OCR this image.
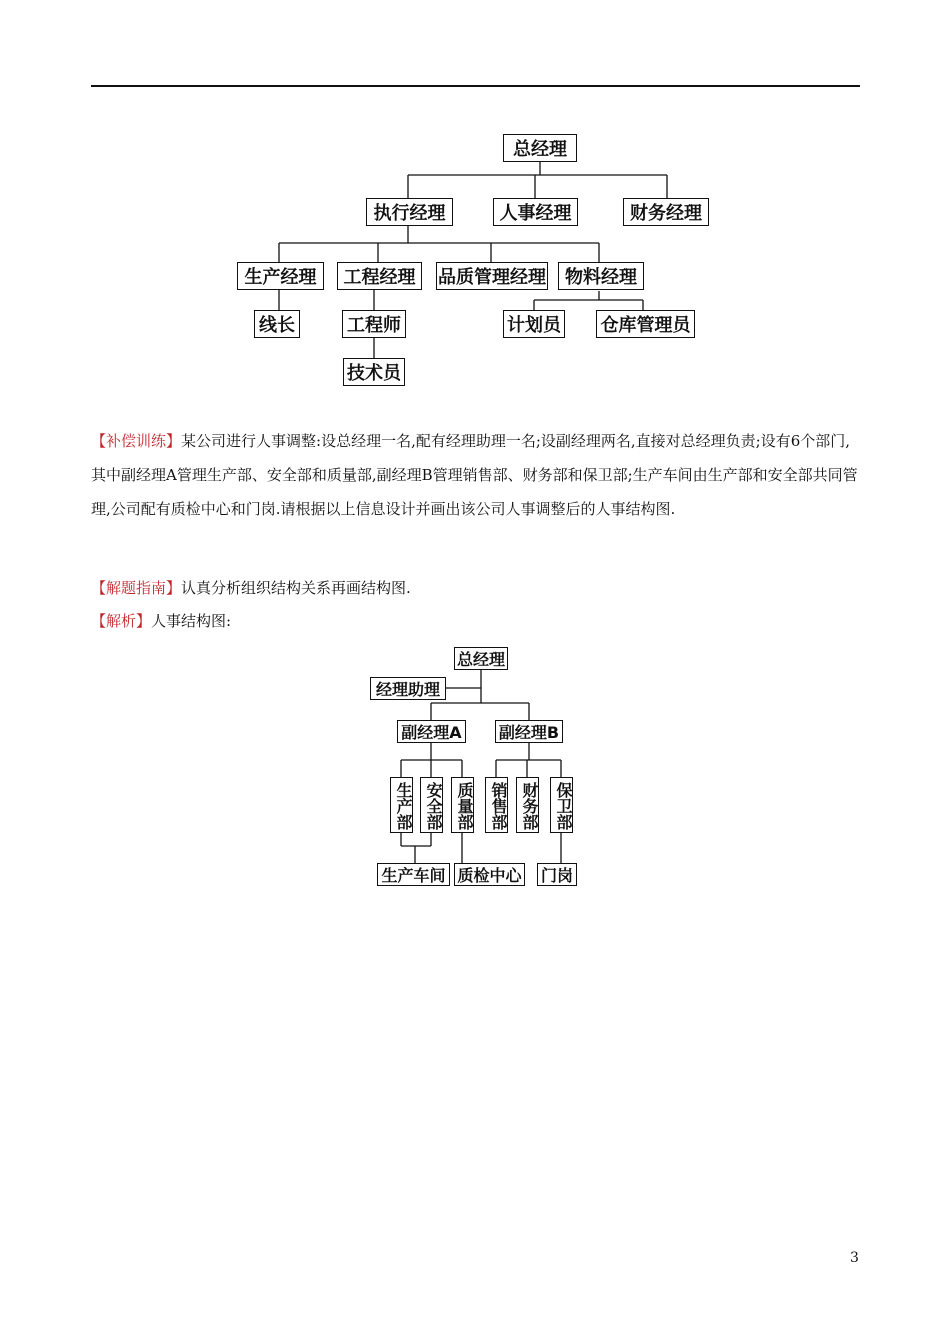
总经理
执行经理	人事经理	财务经理
生产经理	工程经理	品质管理经理	物料经理
线长	工程师
技术员
计划员 仓库管理员
【补偿训练】某公司进行人事调整:设总经理一名,配有经理助理一名;设副经理两名,直接对总经理负责;设有6个部门,其中副经理A管理生产部、安全部和质量部,副经理B管理销售部、财务部和保卫部;生产车间由生产部和安全部共同管理,公司配有质检中心和门岗.请根据以上信息设计并画出该公司人事调整后的人事结构图.
【解题指南】认真分析组织结构关系再画结构图.
【解析】人事结构图:
总经理
经理助理
副经理A 副经理B
生产部 安全部 质量部 销售部 财务部 保卫部
生产车间 质检中心 门岗
3
